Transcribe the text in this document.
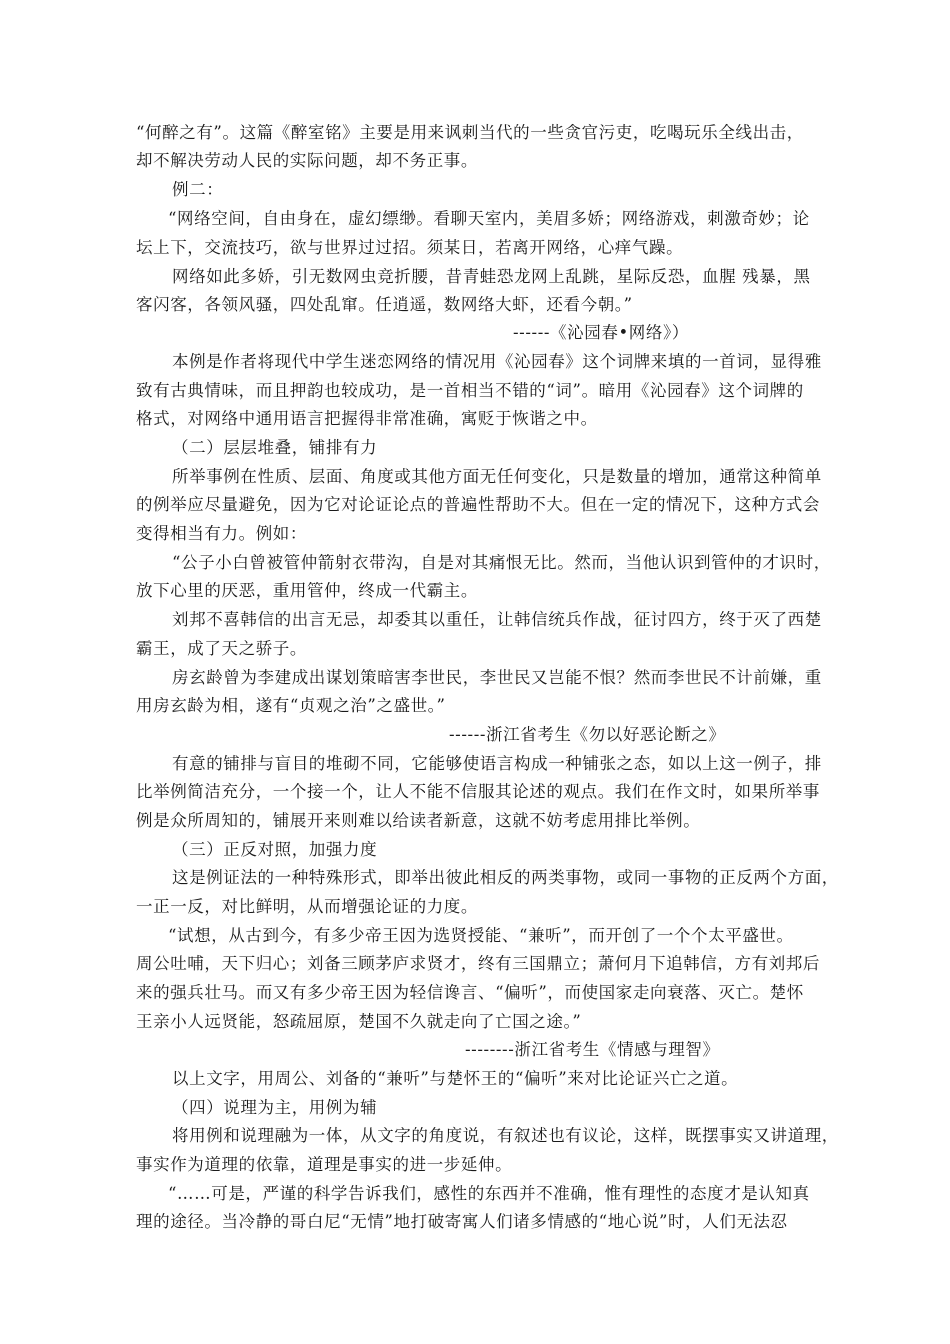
“何醉之有”。这篇《醉室铭》主要是用来讽刺当代的一些贪官污吏，吃喝玩乐全线出击，
却不解决劳动人民的实际问题，却不务正事。
例二：
“网络空间，自由身在，虚幻缥缈。看聊天室内，美眉多娇；网络游戏，刺激奇妙；论
坛上下，交流技巧，欲与世界过过招。须某日，若离开网络，心痒气躁。
网络如此多娇，引无数网虫竞折腰，昔青蛙恐龙网上乱跳，星际反恐，血腥 残暴，黑
客闪客，各领风骚，四处乱窜。任逍遥，数网络大虾，还看今朝。”
------《沁园春•网络》）
本例是作者将现代中学生迷恋网络的情况用《沁园春》这个词牌来填的一首词，显得雅
致有古典情味，而且押韵也较成功，是一首相当不错的“词”。暗用《沁园春》这个词牌的
格式，对网络中通用语言把握得非常准确，寓贬于恢谐之中。
（二）层层堆叠，铺排有力
所举事例在性质、层面、角度或其他方面无任何变化，只是数量的增加，通常这种简单
的例举应尽量避免，因为它对论证论点的普遍性帮助不大。但在一定的情况下，这种方式会
变得相当有力。例如：
“公子小白曾被管仲箭射衣带沟，自是对其痛恨无比。然而，当他认识到管仲的才识时，
放下心里的厌恶，重用管仲，终成一代霸主。
刘邦不喜韩信的出言无忌，却委其以重任，让韩信统兵作战，征讨四方，终于灭了西楚
霸王，成了天之骄子。
房玄龄曾为李建成出谋划策暗害李世民，李世民又岂能不恨？然而李世民不计前嫌，重
用房玄龄为相，遂有“贞观之治”之盛世。”
------浙江省考生《勿以好恶论断之》
有意的铺排与盲目的堆砌不同，它能够使语言构成一种铺张之态，如以上这一例子，排
比举例简洁充分，一个接一个，让人不能不信服其论述的观点。我们在作文时，如果所举事
例是众所周知的，铺展开来则难以给读者新意，这就不妨考虑用排比举例。
（三）正反对照，加强力度
这是例证法的一种特殊形式，即举出彼此相反的两类事物，或同一事物的正反两个方面，
一正一反，对比鲜明，从而增强论证的力度。
“试想，从古到今，有多少帝王因为选贤授能、“兼听”，而开创了一个个太平盛世。
周公吐哺，天下归心；刘备三顾茅庐求贤才，终有三国鼎立；萧何月下追韩信，方有刘邦后
来的强兵壮马。而又有多少帝王因为轻信谗言、“偏听”，而使国家走向衰落、灭亡。楚怀
王亲小人远贤能，怒疏屈原，楚国不久就走向了亡国之途。”
--------浙江省考生《情感与理智》
以上文字，用周公、刘备的“兼听”与楚怀王的“偏听”来对比论证兴亡之道。
（四）说理为主，用例为辅
将用例和说理融为一体，从文字的角度说，有叙述也有议论，这样，既摆事实又讲道理，
事实作为道理的依靠，道理是事实的进一步延伸。
“……可是，严谨的科学告诉我们，感性的东西并不准确，惟有理性的态度才是认知真
理的途径。当冷静的哥白尼“无情”地打破寄寓人们诸多情感的“地心说”时，人们无法忍
